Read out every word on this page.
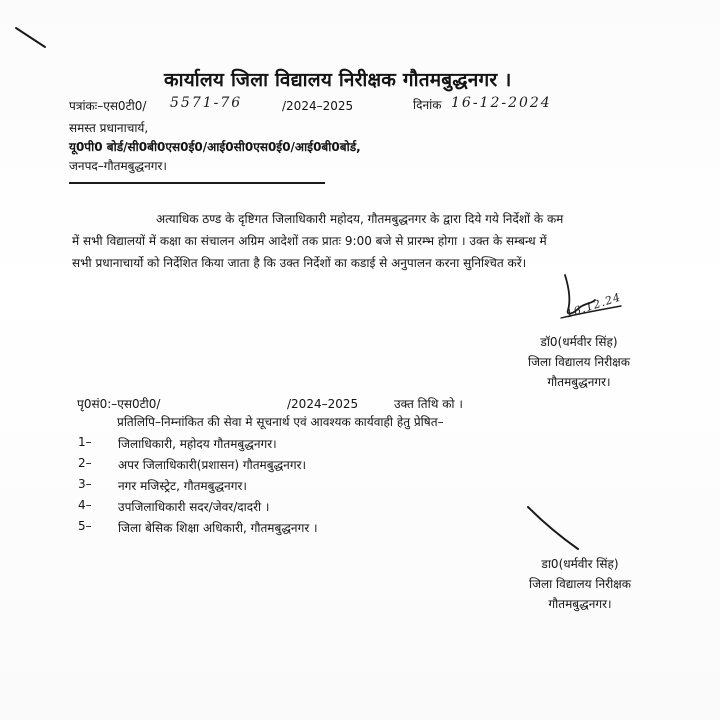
कार्यालय जिला विद्यालय निरीक्षक गौतमबुद्धनगर ।
पत्रांकः–एस0टी0/ 5571-76	/2024–2025	दिनांक 16-12-2024
समस्त प्रधानाचार्य,
यू0पी0 बोर्ड/सी0बी0एस0ई0/आई0सी0एस0ई0/आई0बी0बोर्ड,
जनपद–गौतमबुद्धनगर।
अत्याधिक ठण्ड के दृष्टिगत जिलाधिकारी महोदय, गौतमबुद्धनगर के द्वारा दिये गये निर्देशों के कम
में सभी विद्यालयों में कक्षा का संचालन अग्रिम आदेशों तक प्रातः 9:00 बजे से प्रारम्भ होगा । उक्त के सम्बन्ध में
सभी प्रधानाचार्यो को निर्देशित किया जाता है कि उक्त निर्देशों का कडाई से अनुपालन करना सुनिश्चित करें।
16.12.24
डॉ0(धर्मवीर सिंह)
जिला विद्यालय निरीक्षक
गौतमबुद्धनगर।
पृ0सं0:–एस0टी0/	/2024–2025	उक्त तिथि को ।
प्रतिलिपि–निम्नांकित की सेवा मे सूचनार्थ एवं आवश्यक कार्यवाही हेतु प्रेषित–
1–	जिलाधिकारी, महोदय गौतमबुद्धनगर।
2–	अपर जिलाधिकारी(प्रशासन) गौतमबुद्धनगर।
3–	नगर मजिस्ट्रेट, गौतमबुद्धनगर।
4–	उपजिलाधिकारी सदर/जेवर/दादरी ।
5–	जिला बेसिक शिक्षा अधिकारी, गौतमबुद्धनगर ।
डा0(धर्मवीर सिंह)
जिला विद्यालय निरीक्षक
गौतमबुद्धनगर।
